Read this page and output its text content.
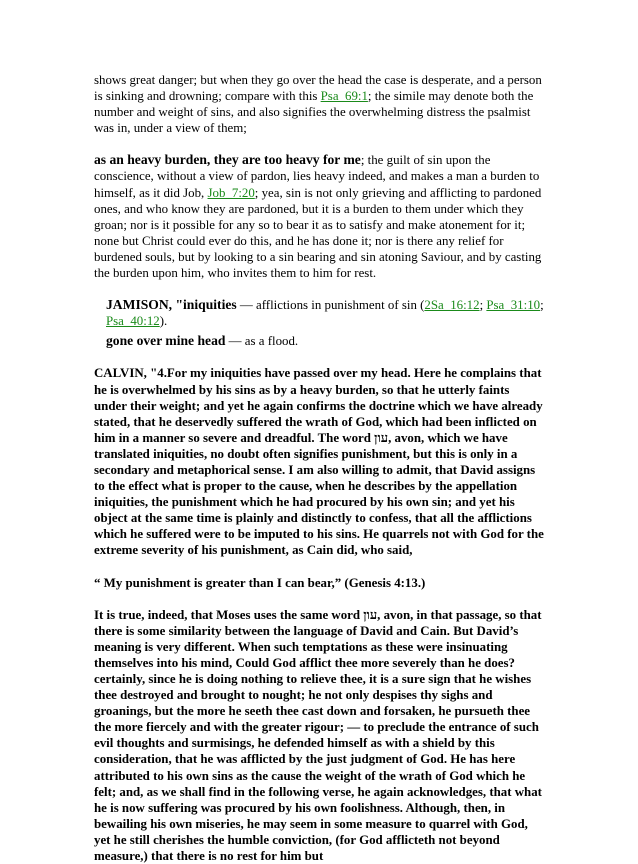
shows great danger; but when they go over the head the case is desperate, and a person is sinking and drowning; compare with this Psa_69:1; the simile may denote both the number and weight of sins, and also signifies the overwhelming distress the psalmist was in, under a view of them;

as an heavy burden, they are too heavy for me; the guilt of sin upon the conscience, without a view of pardon, lies heavy indeed, and makes a man a burden to himself, as it did Job, Job_7:20; yea, sin is not only grieving and afflicting to pardoned ones, and who know they are pardoned, but it is a burden to them under which they groan; nor is it possible for any so to bear it as to satisfy and make atonement for it; none but Christ could ever do this, and he has done it; nor is there any relief for burdened souls, but by looking to a sin bearing and sin atoning Saviour, and by casting the burden upon him, who invites them to him for rest.

JAMISON, "iniquities — afflictions in punishment of sin (2Sa_16:12; Psa_31:10; Psa_40:12).

gone over mine head — as a flood.

CALVIN, "4.For my iniquities have passed over my head. Here he complains that he is overwhelmed by his sins as by a heavy burden, so that he utterly faints under their weight; and yet he again confirms the doctrine which we have already stated, that he deservedly suffered the wrath of God, which had been inflicted on him in a manner so severe and dreadful. The word עון, avon, which we have translated iniquities, no doubt often signifies punishment, but this is only in a secondary and metaphorical sense. I am also willing to admit, that David assigns to the effect what is proper to the cause, when he describes by the appellation iniquities, the punishment which he had procured by his own sin; and yet his object at the same time is plainly and distinctly to confess, that all the afflictions which he suffered were to be imputed to his sins. He quarrels not with God for the extreme severity of his punishment, as Cain did, who said,

“ My punishment is greater than I can bear,” (Genesis 4:13.)

It is true, indeed, that Moses uses the same word עון, avon, in that passage, so that there is some similarity between the language of David and Cain. But David’s meaning is very different. When such temptations as these were insinuating themselves into his mind, Could God afflict thee more severely than he does? certainly, since he is doing nothing to relieve thee, it is a sure sign that he wishes thee destroyed and brought to nought; he not only despises thy sighs and groanings, but the more he seeth thee cast down and forsaken, he pursueth thee the more fiercely and with the greater rigour; — to preclude the entrance of such evil thoughts and surmisings, he defended himself as with a shield by this consideration, that he was afflicted by the just judgment of God. He has here attributed to his own sins as the cause the weight of the wrath of God which he felt; and, as we shall find in the following verse, he again acknowledges, that what he is now suffering was procured by his own foolishness. Although, then, in bewailing his own miseries, he may seem in some measure to quarrel with God, yet he still cherishes the humble conviction, (for God afflicteth not beyond measure,) that there is no rest for him but
